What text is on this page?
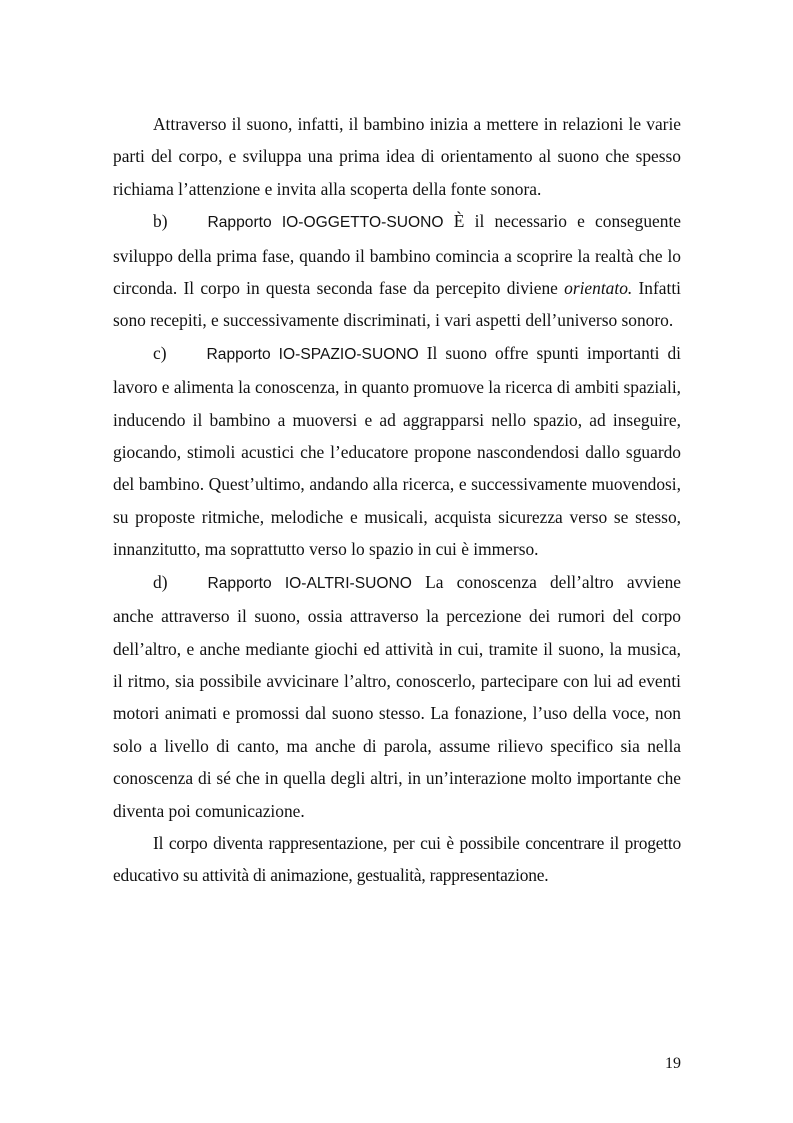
Attraverso il suono, infatti, il bambino inizia a mettere in relazioni le varie parti del corpo, e sviluppa una prima idea di orientamento al suono che spesso richiama l’attenzione e invita alla scoperta della fonte sonora.

b)	Rapporto IO-OGGETTO-SUONO È il necessario e conseguente sviluppo della prima fase, quando il bambino comincia a scoprire la realtà che lo circonda. Il corpo in questa seconda fase da percepito diviene orientato. Infatti sono recepiti, e successivamente discriminati, i vari aspetti dell’universo sonoro.

c)	Rapporto IO-SPAZIO-SUONO Il suono offre spunti importanti di lavoro e alimenta la conoscenza, in quanto promuove la ricerca di ambiti spaziali, inducendo il bambino a muoversi e ad aggrapparsi nello spazio, ad inseguire, giocando, stimoli acustici che l’educatore propone nascondendosi dallo sguardo del bambino. Quest’ultimo, andando alla ricerca, e successivamente muovendosi, su proposte ritmiche, melodiche e musicali, acquista sicurezza verso se stesso, innanzitutto, ma soprattutto verso lo spazio in cui è immerso.

d)	Rapporto IO-ALTRI-SUONO La conoscenza dell’altro avviene anche attraverso il suono, ossia attraverso la percezione dei rumori del corpo dell’altro, e anche mediante giochi ed attività in cui, tramite il suono, la musica, il ritmo, sia possibile avvicinare l’altro, conoscerlo, partecipare con lui ad eventi motori animati e promossi dal suono stesso. La fonazione, l’uso della voce, non solo a livello di canto, ma anche di parola, assume rilievo specifico sia nella conoscenza di sé che in quella degli altri, in un’interazione molto importante che diventa poi comunicazione.

Il corpo diventa rappresentazione, per cui è possibile concentrare il progetto educativo su attività di animazione, gestualità, rappresentazione.

19
